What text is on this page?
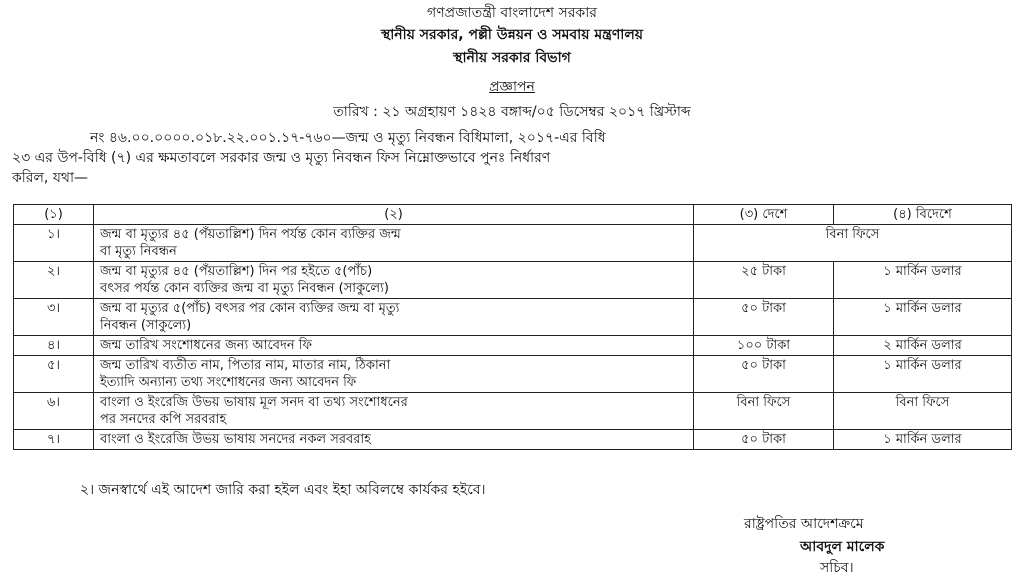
গণপ্রজাতন্ত্রী বাংলাদেশ সরকার
স্থানীয় সরকার, পল্লী উন্নয়ন ও সমবায় মন্ত্রণালয়
স্থানীয় সরকার বিভাগ
প্রজ্ঞাপন
তারিখ : ২১ অগ্রহায়ণ ১৪২৪ বঙ্গাব্দ/০৫ ডিসেম্বর ২০১৭ খ্রিস্টাব্দ
নং ৪৬.০০.০০০০.০১৮.২২.০০১.১৭-৭৬০—জন্ম ও মৃত্যু নিবন্ধন বিধিমালা, ২০১৭-এর বিধি
২৩ এর উপ-বিধি (৭) এর ক্ষমতাবলে সরকার জন্ম ও মৃত্যু নিবন্ধন ফিস নিম্নোক্তভাবে পুনঃ নির্ধারণ
করিল, যথা—
(১)	(২)	(৩) দেশে	(৪) বিদেশে
১।	জন্ম বা মৃত্যুর ৪৫ (পঁয়তাল্লিশ) দিন পর্যন্ত কোন ব্যক্তির জন্ম
বা মৃত্যু নিবন্ধন	বিনা ফিসে	
২।	জন্ম বা মৃত্যুর ৪৫ (পঁয়তাল্লিশ) দিন পর হইতে ৫(পাঁচ)
বৎসর পর্যন্ত কোন ব্যক্তির জন্ম বা মৃত্যু নিবন্ধন (সাকুল্যে)	২৫ টাকা	১ মার্কিন ডলার
৩।	জন্ম বা মৃত্যুর ৫(পাঁচ) বৎসর পর কোন ব্যক্তির জন্ম বা মৃত্যু
নিবন্ধন (সাকুল্যে)	৫০ টাকা	১ মার্কিন ডলার
৪।	জন্ম তারিখ সংশোধনের জন্য আবেদন ফি	১০০ টাকা	২ মার্কিন ডলার
৫।	জন্ম তারিখ ব্যতীত নাম, পিতার নাম, মাতার নাম, ঠিকানা
ইত্যাদি অন্যান্য তথ্য সংশোধনের জন্য আবেদন ফি	৫০ টাকা	১ মার্কিন ডলার
৬।	বাংলা ও ইংরেজি উভয় ভাষায় মূল সনদ বা তথ্য সংশোধনের
পর সনদের কপি সরবরাহ	বিনা ফিসে	বিনা ফিসে
৭।	বাংলা ও ইংরেজি উভয় ভাষায় সনদের নকল সরবরাহ	৫০ টাকা	১ মার্কিন ডলার
২। জনস্বার্থে এই আদেশ জারি করা হইল এবং ইহা অবিলম্বে কার্যকর হইবে।
রাষ্ট্রপতির আদেশক্রমে
আবদুল মালেক
সচিব।
